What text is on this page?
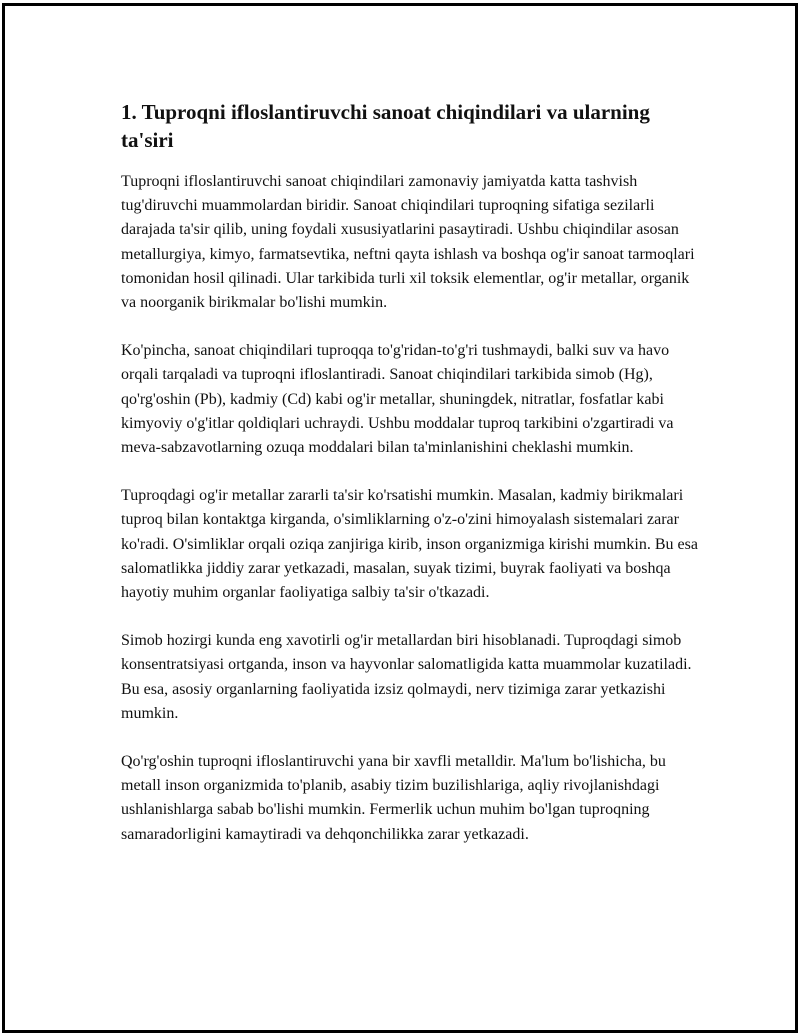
1. Tuproqni ifloslantiruvchi sanoat chiqindilari va ularning ta'siri

Tuproqni ifloslantiruvchi sanoat chiqindilari zamonaviy jamiyatda katta tashvish tug'diruvchi muammolardan biridir. Sanoat chiqindilari tuproqning sifatiga sezilarli darajada ta'sir qilib, uning foydali xususiyatlarini pasaytiradi. Ushbu chiqindilar asosan metallurgiya, kimyo, farmatsevtika, neftni qayta ishlash va boshqa og'ir sanoat tarmoqlari tomonidan hosil qilinadi. Ular tarkibida turli xil toksik elementlar, og'ir metallar, organik va noorganik birikmalar bo'lishi mumkin.

Ko'pincha, sanoat chiqindilari tuproqqa to'g'ridan-to'g'ri tushmaydi, balki suv va havo orqali tarqaladi va tuproqni ifloslantiradi. Sanoat chiqindilari tarkibida simob (Hg), qo'rg'oshin (Pb), kadmiy (Cd) kabi og'ir metallar, shuningdek, nitratlar, fosfatlar kabi kimyoviy o'g'itlar qoldiqlari uchraydi. Ushbu moddalar tuproq tarkibini o'zgartiradi va meva-sabzavotlarning ozuqa moddalari bilan ta'minlanishini cheklashi mumkin.

Tuproqdagi og'ir metallar zararli ta'sir ko'rsatishi mumkin. Masalan, kadmiy birikmalari tuproq bilan kontaktga kirganda, o'simliklarning o'z-o'zini himoyalash sistemalari zarar ko'radi. O'simliklar orqali oziqa zanjiriga kirib, inson organizmiga kirishi mumkin. Bu esa salomatlikka jiddiy zarar yetkazadi, masalan, suyak tizimi, buyrak faoliyati va boshqa hayotiy muhim organlar faoliyatiga salbiy ta'sir o'tkazadi.

Simob hozirgi kunda eng xavotirli og'ir metallardan biri hisoblanadi. Tuproqdagi simob konsentratsiyasi ortganda, inson va hayvonlar salomatligida katta muammolar kuzatiladi. Bu esa, asosiy organlarning faoliyatida izsiz qolmaydi, nerv tizimiga zarar yetkazishi mumkin.

Qo'rg'oshin tuproqni ifloslantiruvchi yana bir xavfli metalldir. Ma'lum bo'lishicha, bu metall inson organizmida to'planib, asabiy tizim buzilishlariga, aqliy rivojlanishdagi ushlanishlarga sabab bo'lishi mumkin. Fermerlik uchun muhim bo'lgan tuproqning samaradorligini kamaytiradi va dehqonchilikka zarar yetkazadi.
